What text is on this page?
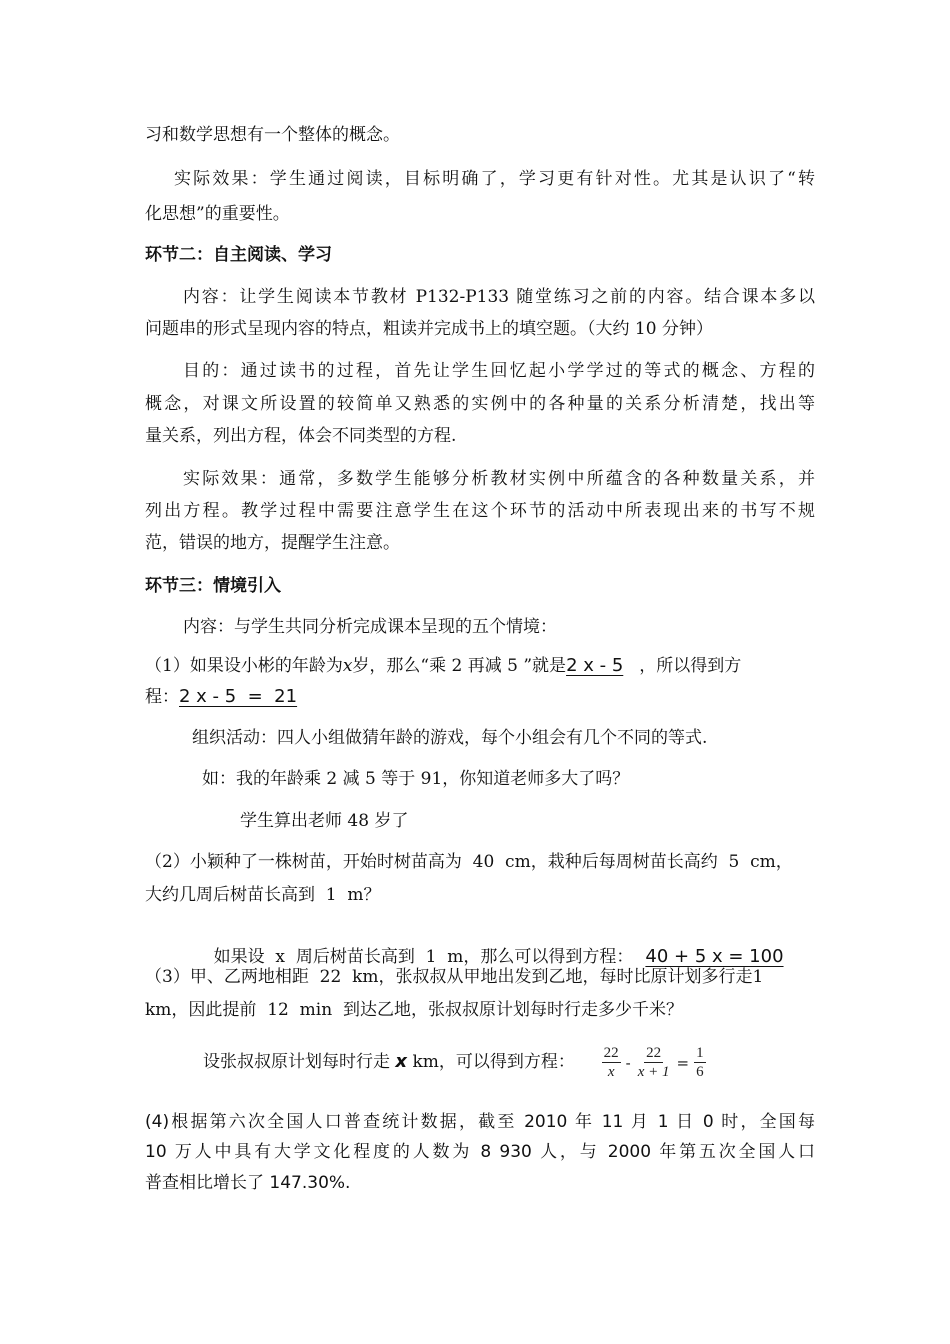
习和数学思想有一个整体的概念。
实际效果：学生通过阅读，目标明确了，学习更有针对性。尤其是认识了“转
化思想”的重要性。
环节二：自主阅读、学习
内容：让学生阅读本节教材 P132-P133 随堂练习之前的内容。结合课本多以
问题串的形式呈现内容的特点，粗读并完成书上的填空题。（大约 10 分钟）
目的：通过读书的过程，首先让学生回忆起小学学过的等式的概念、方程的
概念，对课文所设置的较简单又熟悉的实例中的各种量的关系分析清楚，找出等
量关系，列出方程，体会不同类型的方程.
实际效果：通常，多数学生能够分析教材实例中所蕴含的各种数量关系，并
列出方程。教学过程中需要注意学生在这个环节的活动中所表现出来的书写不规
范，错误的地方，提醒学生注意。
环节三：情境引入
内容：与学生共同分析完成课本呈现的五个情境：
（1）如果设小彬的年龄为x岁，那么“乘 2 再减 5 ”就是2 x - 5 ，所以得到方
程：2 x - 5  =  21
组织活动：四人小组做猜年龄的游戏，每个小组会有几个不同的等式.
如：我的年龄乘 2 减 5 等于 91，你知道老师多大了吗？
学生算出老师 48 岁了
（2）小颖种了一株树苗，开始时树苗高为  40  cm，栽种后每周树苗长高约  5  cm，
大约几周后树苗长高到  1  m？

如果设  x  周后树苗长高到  1  m，那么可以得到方程： 40 + 5 x = 100

（3）甲、乙两地相距  22  km，张叔叔从甲地出发到乙地，每时比原计划多行走1
km，因此提前  12  min  到达乙地，张叔叔原计划每时行走多少千米？
设张叔叔原计划每时行走 x km，可以得到方程： $\frac{22}{x} - \frac{22}{x + 1} = \frac{1}{6}$
(4)根据第六次全国人口普查统计数据，截至 2010 年 11 月 1 日 0 时，全国每
10 万人中具有大学文化程度的人数为 8 930 人，与 2000 年第五次全国人口
普查相比增长了 147.30%.
